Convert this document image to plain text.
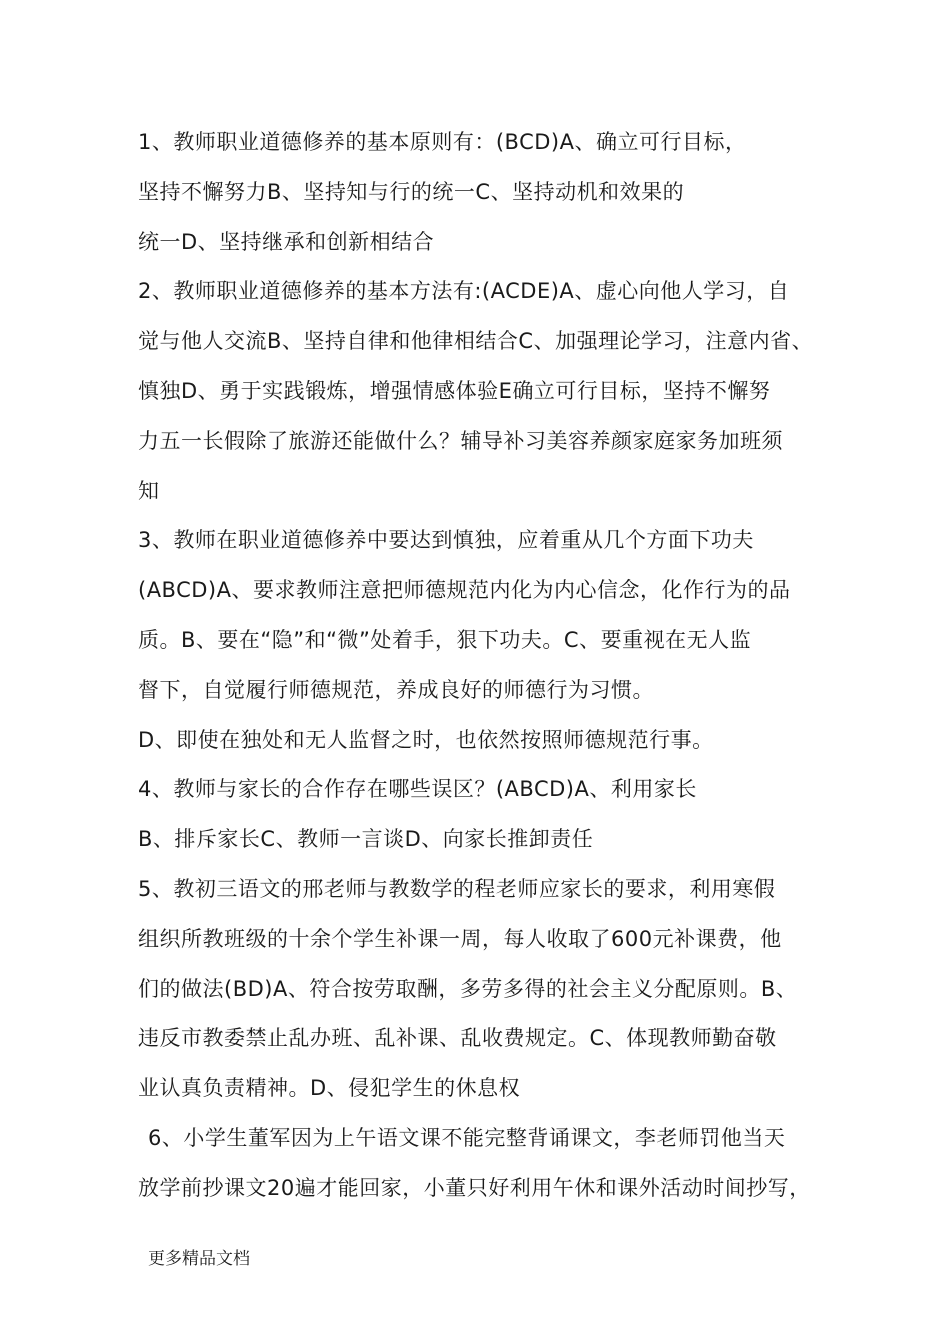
1、教师职业道德修养的基本原则有：(BCD)A、确立可行目标，
坚持不懈努力B、坚持知与行的统一C、坚持动机和效果的
统一D、坚持继承和创新相结合
2、教师职业道德修养的基本方法有:(ACDE)A、虚心向他人学习，自
觉与他人交流B、坚持自律和他律相结合C、加强理论学习，注意内省、
慎独D、勇于实践锻炼，增强情感体验E确立可行目标，坚持不懈努
力五一长假除了旅游还能做什么？辅导补习美容养颜家庭家务加班须
知
3、教师在职业道德修养中要达到慎独，应着重从几个方面下功夫
(ABCD)A、要求教师注意把师德规范内化为内心信念，化作行为的品
质。B、要在“隐”和“微”处着手，狠下功夫。C、要重视在无人监
督下，自觉履行师德规范，养成良好的师德行为习惯。
D、即使在独处和无人监督之时，也依然按照师德规范行事。
4、教师与家长的合作存在哪些误区？(ABCD)A、利用家长
B、排斥家长C、教师一言谈D、向家长推卸责任
5、教初三语文的邢老师与教数学的程老师应家长的要求，利用寒假
组织所教班级的十余个学生补课一周，每人收取了600元补课费，他
们的做法(BD)A、符合按劳取酬，多劳多得的社会主义分配原则。B、
违反市教委禁止乱办班、乱补课、乱收费规定。C、体现教师勤奋敬
业认真负责精神。D、侵犯学生的休息权
6、小学生董军因为上午语文课不能完整背诵课文，李老师罚他当天
放学前抄课文20遍才能回家，小董只好利用午休和课外活动时间抄写，
更多精品文档
